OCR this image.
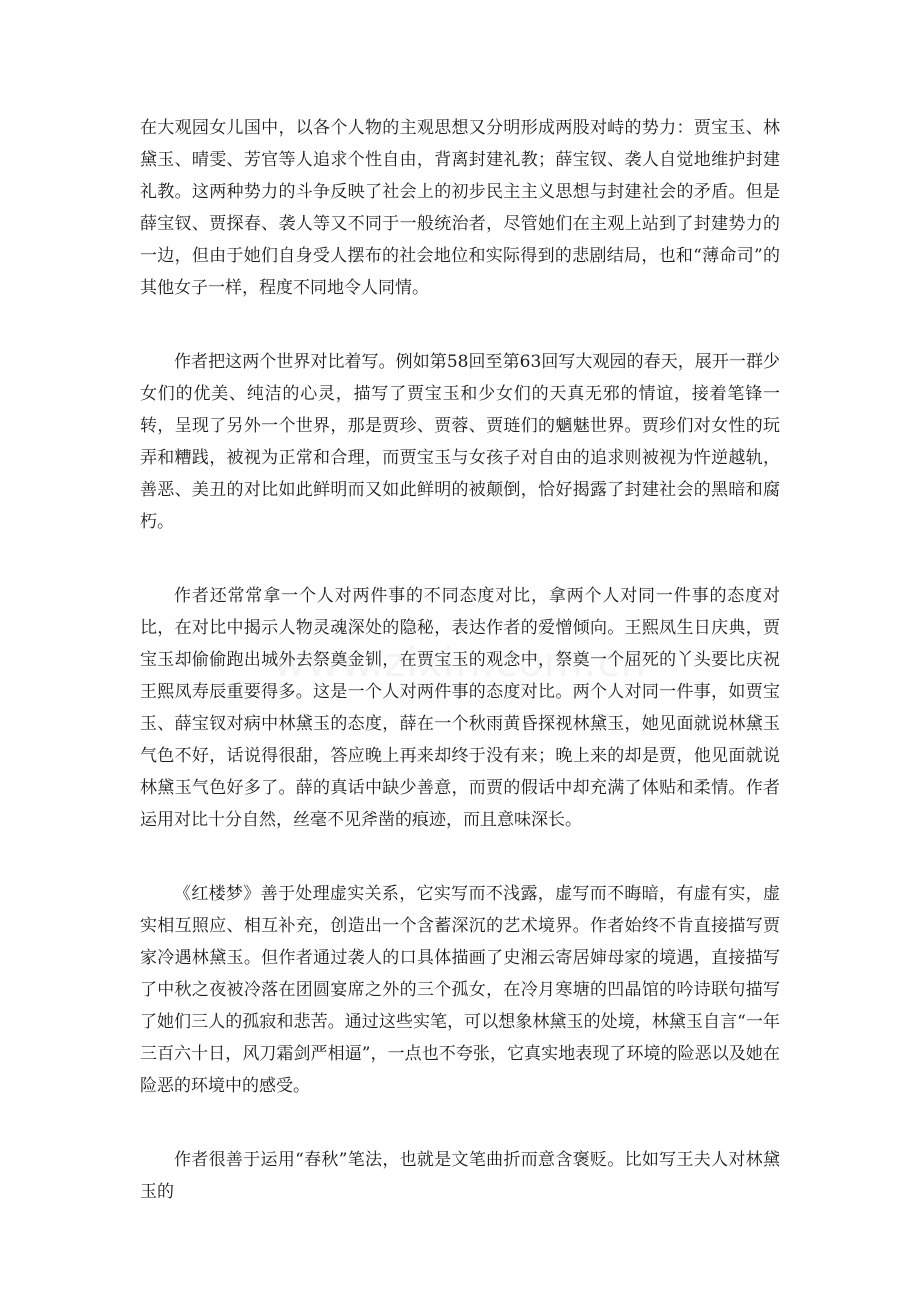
在大观园女儿国中，以各个人物的主观思想又分明形成两股对峙的势力：贾宝玉、林黛玉、晴雯、芳官等人追求个性自由，背离封建礼教；薛宝钗、袭人自觉地维护封建礼教。这两种势力的斗争反映了社会上的初步民主主义思想与封建社会的矛盾。但是薛宝钗、贾探春、袭人等又不同于一般统治者，尽管她们在主观上站到了封建势力的一边，但由于她们自身受人摆布的社会地位和实际得到的悲剧结局，也和“薄命司”的其他女子一样，程度不同地令人同情。

作者把这两个世界对比着写。例如第58回至第63回写大观园的春天，展开一群少女们的优美、纯洁的心灵，描写了贾宝玉和少女们的天真无邪的情谊，接着笔锋一转，呈现了另外一个世界，那是贾珍、贾蓉、贾琏们的魑魅世界。贾珍们对女性的玩弄和糟践，被视为正常和合理，而贾宝玉与女孩子对自由的追求则被视为忤逆越轨，善恶、美丑的对比如此鲜明而又如此鲜明的被颠倒，恰好揭露了封建社会的黑暗和腐朽。

作者还常常拿一个人对两件事的不同态度对比，拿两个人对同一件事的态度对比，在对比中揭示人物灵魂深处的隐秘，表达作者的爱憎倾向。王熙凤生日庆典，贾宝玉却偷偷跑出城外去祭奠金钏，在贾宝玉的观念中，祭奠一个屈死的丫头要比庆祝王熙凤寿辰重要得多。这是一个人对两件事的态度对比。两个人对同一件事，如贾宝玉、薛宝钗对病中林黛玉的态度，薛在一个秋雨黄昏探视林黛玉，她见面就说林黛玉气色不好，话说得很甜，答应晚上再来却终于没有来；晚上来的却是贾，他见面就说林黛玉气色好多了。薛的真话中缺少善意，而贾的假话中却充满了体贴和柔情。作者运用对比十分自然，丝毫不见斧凿的痕迹，而且意味深长。

《红楼梦》善于处理虚实关系，它实写而不浅露，虚写而不晦暗，有虚有实，虚实相互照应、相互补充，创造出一个含蓄深沉的艺术境界。作者始终不肯直接描写贾家冷遇林黛玉。但作者通过袭人的口具体描画了史湘云寄居婶母家的境遇，直接描写了中秋之夜被冷落在团圆宴席之外的三个孤女，在冷月寒塘的凹晶馆的吟诗联句描写了她们三人的孤寂和悲苦。通过这些实笔，可以想象林黛玉的处境，林黛玉自言“一年三百六十日，风刀霜剑严相逼”，一点也不夸张，它真实地表现了环境的险恶以及她在险恶的环境中的感受。

作者很善于运用“春秋”笔法，也就是文笔曲折而意含褒贬。比如写王夫人对林黛玉的
